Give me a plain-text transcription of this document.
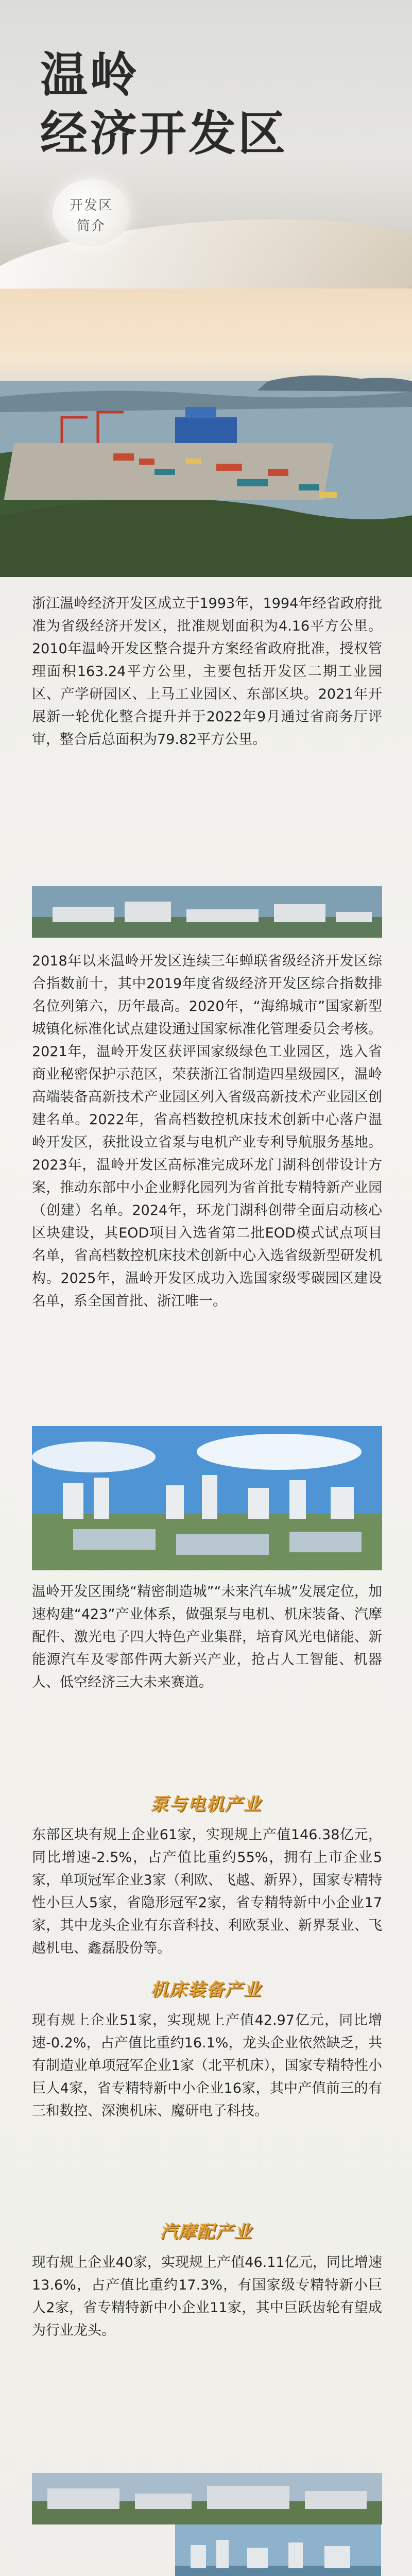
温岭
经济开发区
开发区
简介
浙江温岭经济开发区成立于1993年，1994年经省政府批准为省级经济开发区，批准规划面积为4.16平方公里。2010年温岭开发区整合提升方案经省政府批准，授权管理面积163.24平方公里，主要包括开发区二期工业园区、产学研园区、上马工业园区、东部区块。2021年开展新一轮优化整合提升并于2022年9月通过省商务厅评审，整合后总面积为79.82平方公里。
2018年以来温岭开发区连续三年蝉联省级经济开发区综合指数前十，其中2019年度省级经济开发区综合指数排名位列第六，历年最高。2020年，“海绵城市”国家新型城镇化标准化试点建设通过国家标准化管理委员会考核。2021年，温岭开发区获评国家级绿色工业园区，选入省商业秘密保护示范区，荣获浙江省制造四星级园区，温岭高端装备高新技术产业园区列入省级高新技术产业园区创建名单。2022年，省高档数控机床技术创新中心落户温岭开发区，获批设立省泵与电机产业专利导航服务基地。2023年，温岭开发区高标准完成环龙门湖科创带设计方案，推动东部中小企业孵化园列为省首批专精特新产业园（创建）名单。2024年，环龙门湖科创带全面启动核心区块建设，其EOD项目入选省第二批EOD模式试点项目名单，省高档数控机床技术创新中心入选省级新型研发机构。2025年，温岭开发区成功入选国家级零碳园区建设名单，系全国首批、浙江唯一。
温岭开发区围绕“精密制造城”“未来汽车城”发展定位，加速构建“423”产业体系，做强泵与电机、机床装备、汽摩配件、激光电子四大特色产业集群，培育风光电储能、新能源汽车及零部件两大新兴产业，抢占人工智能、机器人、低空经济三大未来赛道。
泵与电机产业
东部区块有规上企业61家，实现规上产值146.38亿元，同比增速-2.5%，占产值比重约55%，拥有上市企业5家，单项冠军企业3家（利欧、飞越、新界），国家专精特性小巨人5家，省隐形冠军2家，省专精特新中小企业17家，其中龙头企业有东音科技、利欧泵业、新界泵业、飞越机电、鑫磊股份等。
机床装备产业
现有规上企业51家，实现规上产值42.97亿元，同比增速-0.2%，占产值比重约16.1%，龙头企业依然缺乏，共有制造业单项冠军企业1家（北平机床），国家专精特性小巨人4家，省专精特新中小企业16家，其中产值前三的有三和数控、深澳机床、魔研电子科技。
汽摩配产业
现有规上企业40家，实现规上产值46.11亿元，同比增速13.6%，占产值比重约17.3%，有国家级专精特新小巨人2家，省专精特新中小企业11家，其中巨跃齿轮有望成为行业龙头。
